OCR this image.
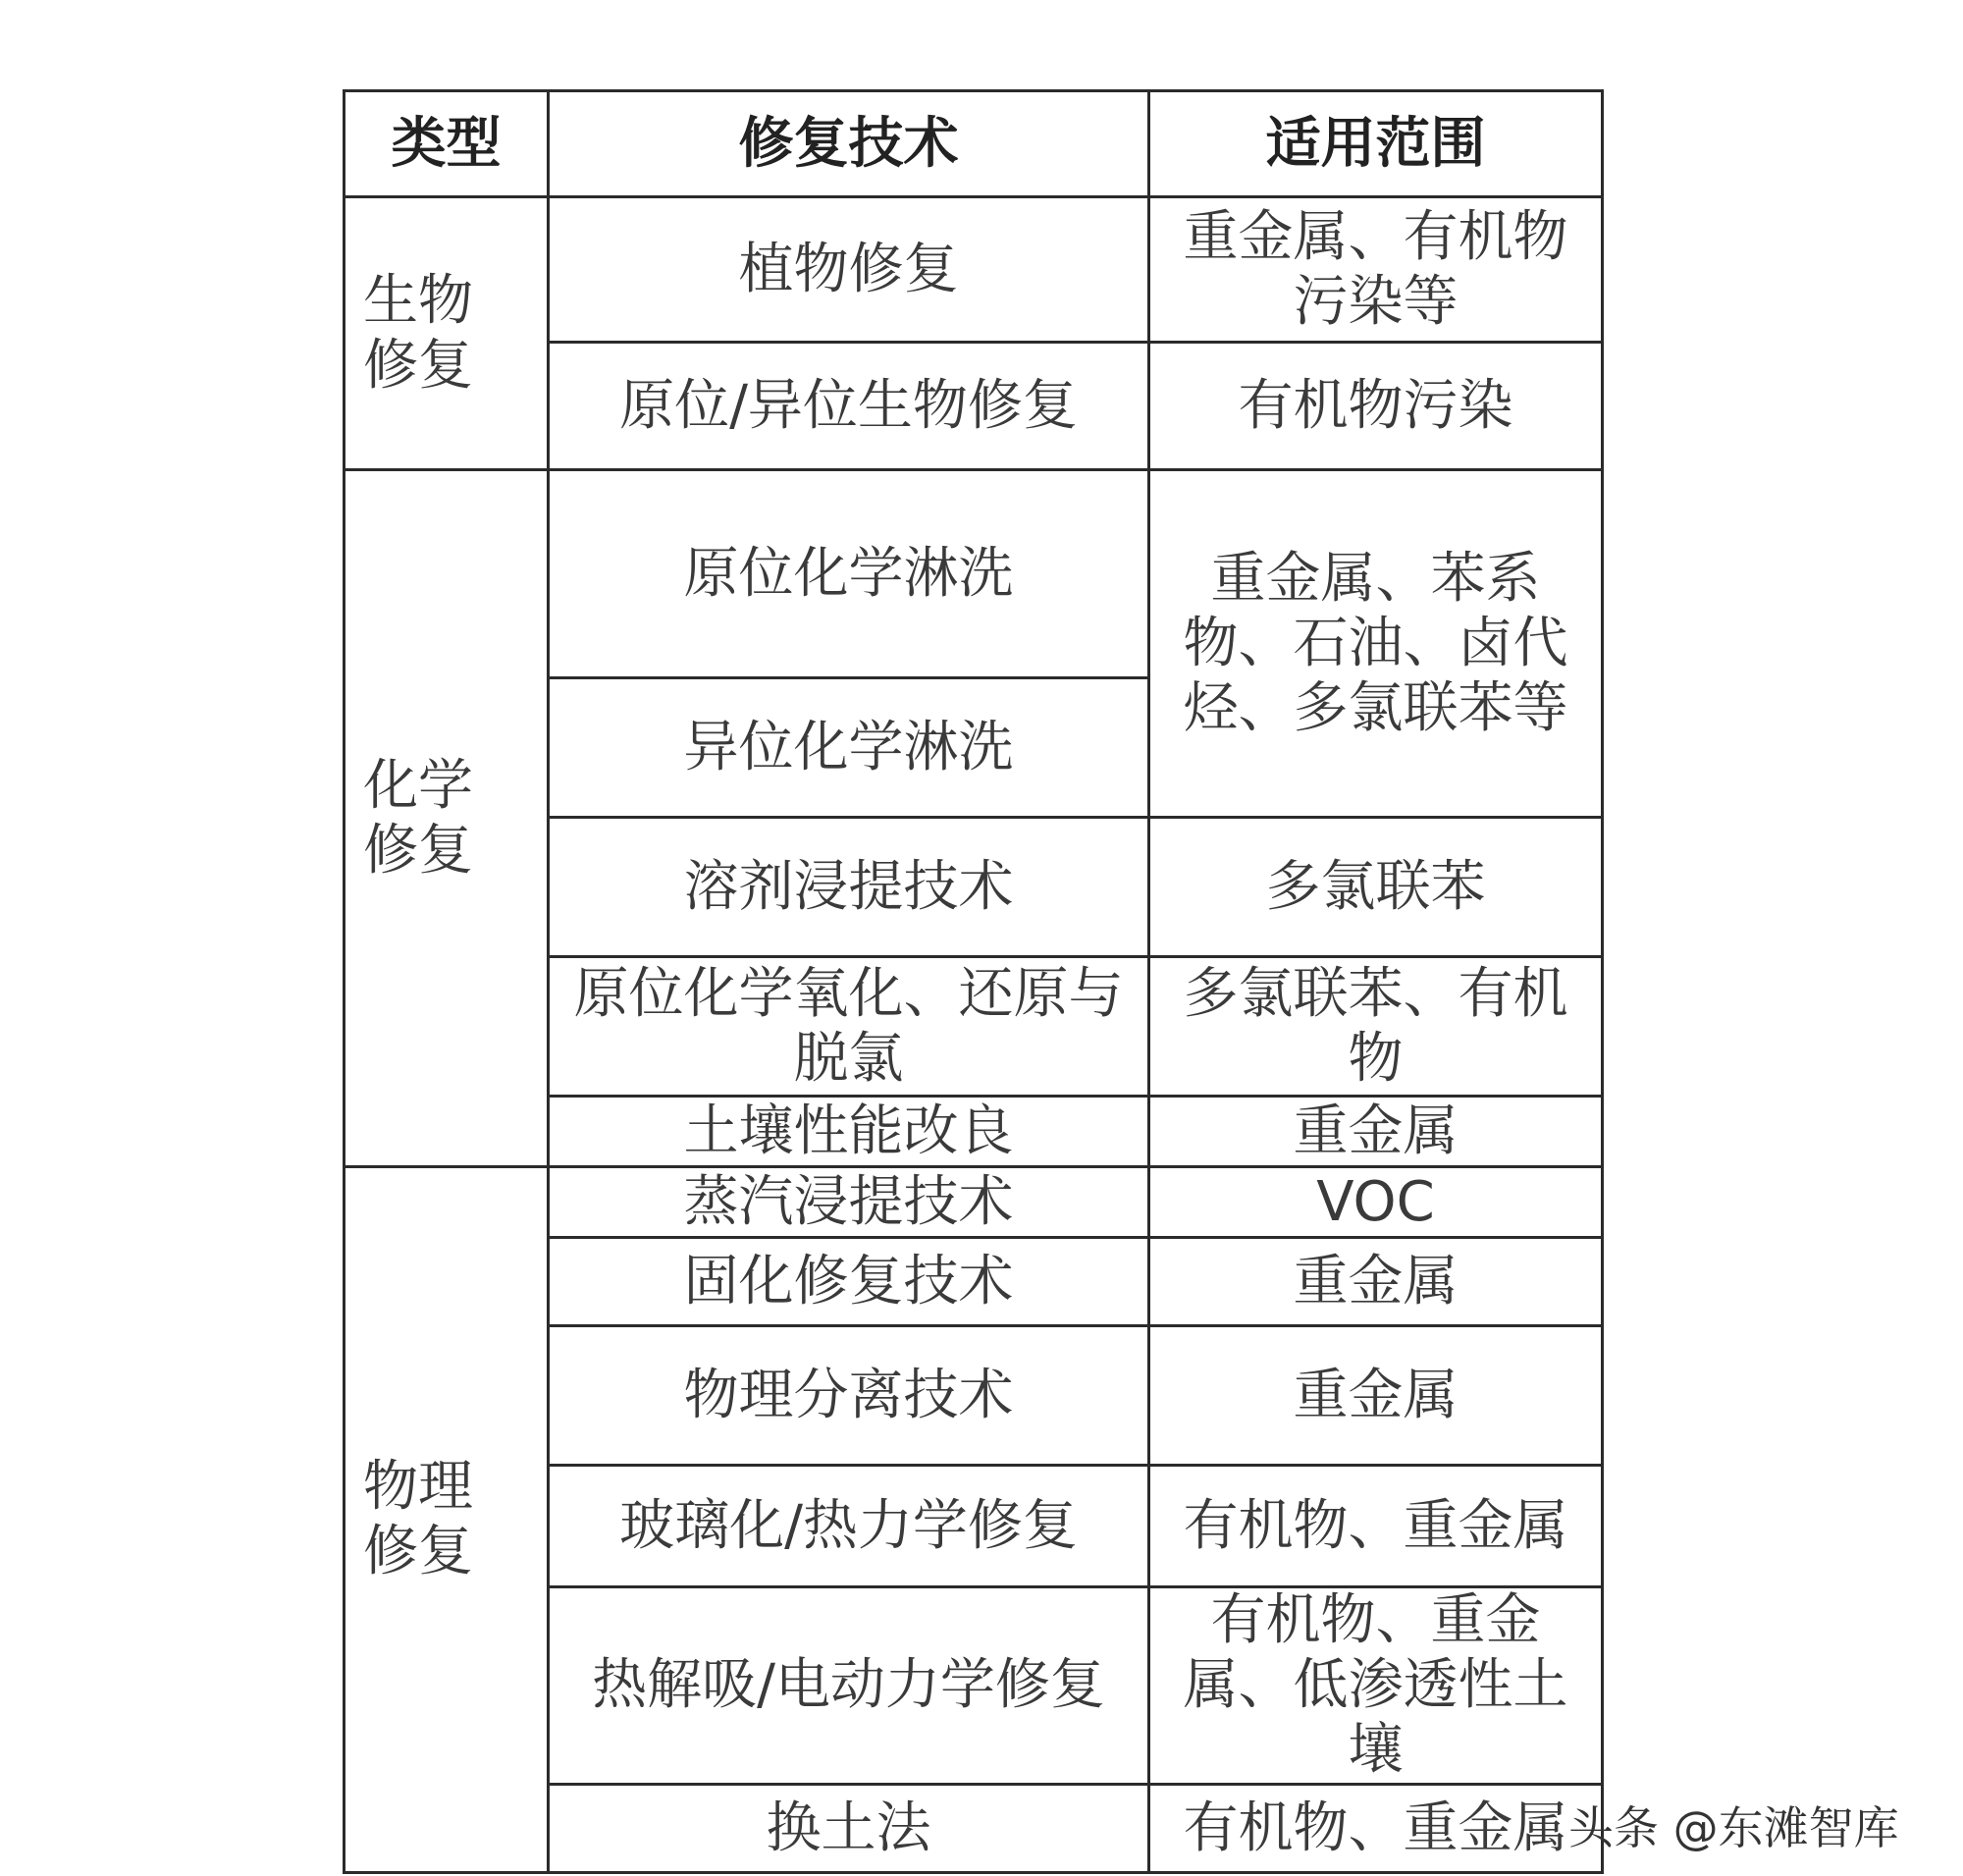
类型	修复技术	适用范围

生物修复	植物修复	重金属、有机物污染等
	原位/异位生物修复	有机物污染

化学修复	原位化学淋洗	重金属、苯系物、石油、卤代烃、多氯联苯等
	异位化学淋洗	
	溶剂浸提技术	多氯联苯
	原位化学氧化、还原与脱氯	多氯联苯、有机物
	土壤性能改良	重金属

物理修复	蒸汽浸提技术	VOC
	固化修复技术	重金属
	物理分离技术	重金属
	玻璃化/热力学修复	有机物、重金属
	热解吸/电动力学修复	有机物、重金属、低渗透性土壤
	换土法	有机物、重金属 头条 @东滩智库
